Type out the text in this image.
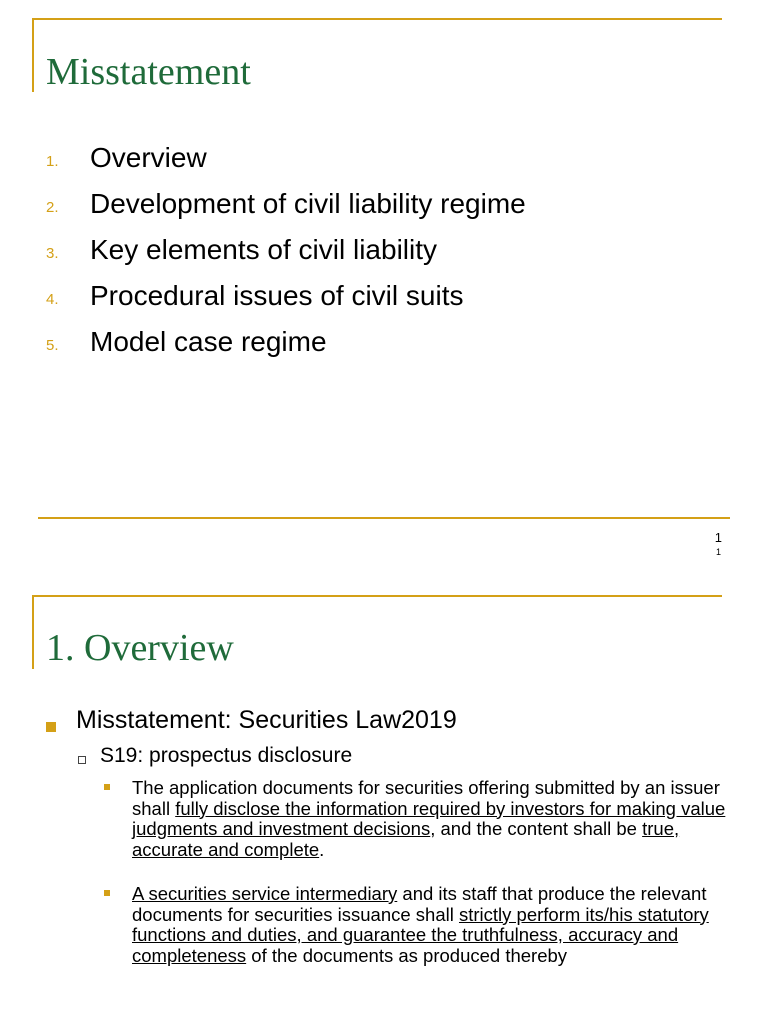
Misstatement
1. Overview
2. Development of civil liability regime
3. Key elements of civil liability
4. Procedural issues of civil suits
5. Model case regime
1
1
1. Overview
Misstatement: Securities Law2019
S19: prospectus disclosure
The application documents for securities offering submitted by an issuer shall fully disclose the information required by investors for making value judgments and investment decisions, and the content shall be true, accurate and complete.
A securities service intermediary and its staff that produce the relevant documents for securities issuance shall strictly perform its/his statutory functions and duties, and guarantee the truthfulness, accuracy and completeness of the documents as produced thereby
